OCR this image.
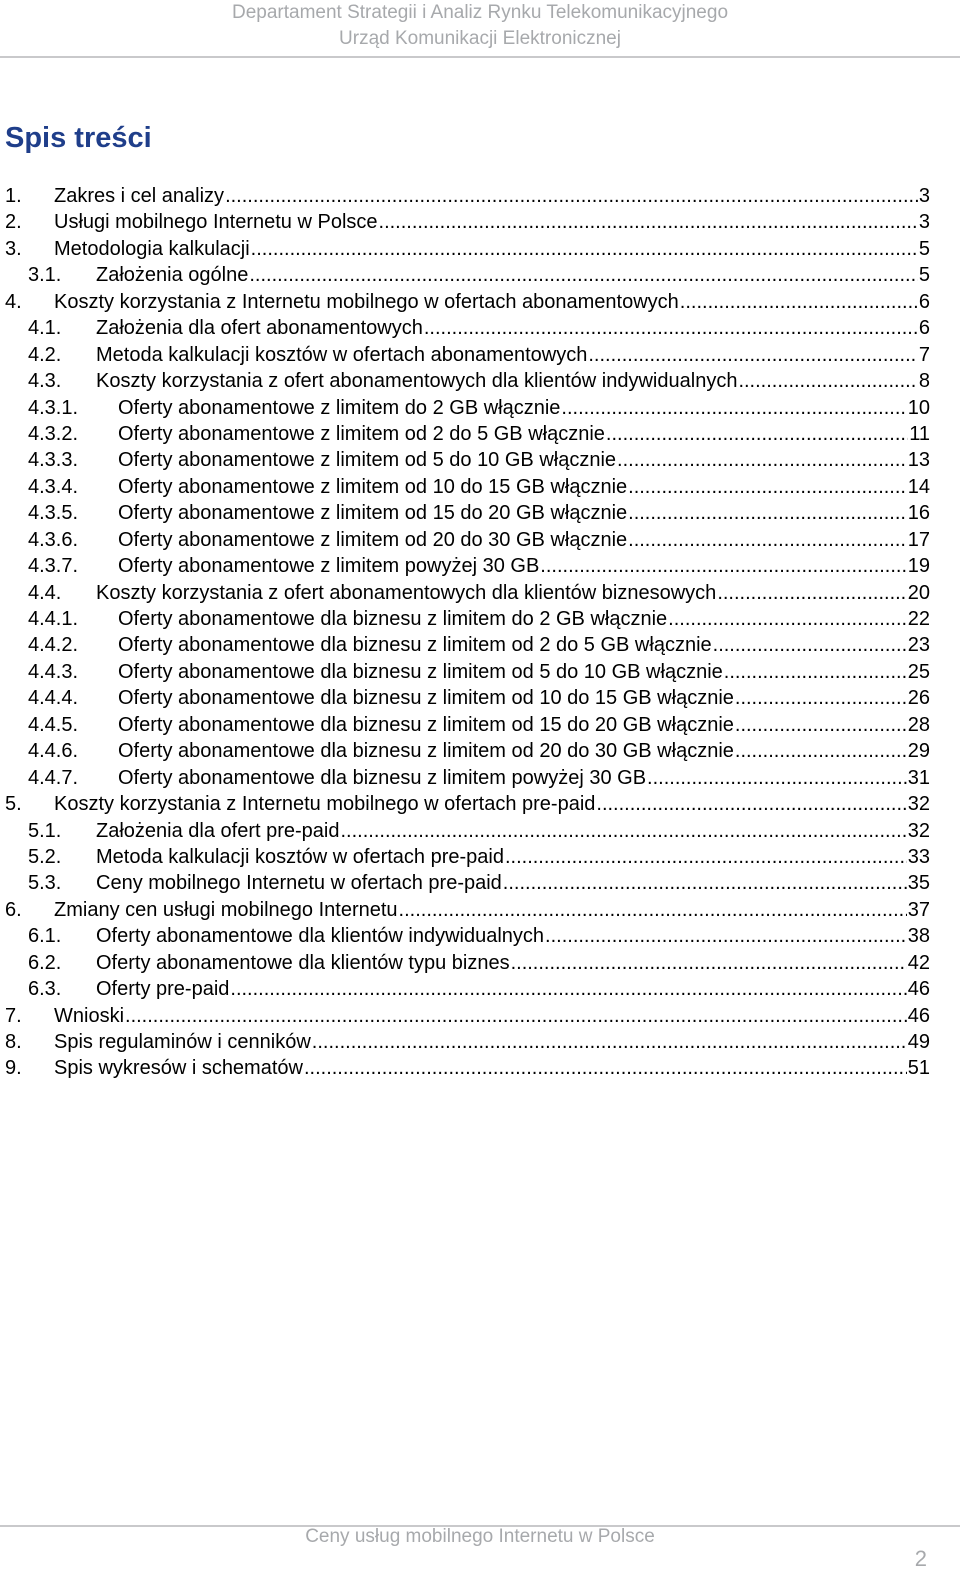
Departament Strategii i Analiz Rynku Telekomunikacyjnego
Urząd Komunikacji Elektronicznej
Spis treści
1. Zakres i cel analizy .....	3
2. Usługi mobilnego Internetu w Polsce .....	3
3. Metodologia kalkulacji .....	5
3.1. Założenia ogólne .....	5
4. Koszty korzystania z Internetu mobilnego w ofertach abonamentowych .....	6
4.1. Założenia dla ofert abonamentowych .....	6
4.2. Metoda kalkulacji kosztów w ofertach abonamentowych .....	7
4.3. Koszty korzystania z ofert abonamentowych dla klientów indywidualnych .....	8
4.3.1. Oferty abonamentowe z limitem do 2 GB włącznie .....	10
4.3.2. Oferty abonamentowe z limitem od 2 do 5 GB włącznie .....	11
4.3.3. Oferty abonamentowe z limitem od 5 do 10 GB włącznie .....	13
4.3.4. Oferty abonamentowe z limitem od 10 do 15 GB włącznie .....	14
4.3.5. Oferty abonamentowe z limitem od 15 do 20 GB włącznie .....	16
4.3.6. Oferty abonamentowe z limitem od 20 do 30 GB włącznie .....	17
4.3.7. Oferty abonamentowe z limitem powyżej 30 GB .....	19
4.4. Koszty korzystania z ofert abonamentowych dla klientów biznesowych .....	20
4.4.1. Oferty abonamentowe dla biznesu z limitem do 2 GB włącznie .....	22
4.4.2. Oferty abonamentowe dla biznesu z limitem od 2 do 5 GB włącznie .....	23
4.4.3. Oferty abonamentowe dla biznesu z limitem od 5 do 10 GB włącznie .....	25
4.4.4. Oferty abonamentowe dla biznesu z limitem od 10 do 15 GB włącznie .....	26
4.4.5. Oferty abonamentowe dla biznesu z limitem od 15 do 20 GB włącznie .....	28
4.4.6. Oferty abonamentowe dla biznesu z limitem od 20 do 30 GB włącznie .....	29
4.4.7. Oferty abonamentowe dla biznesu z limitem powyżej 30 GB .....	31
5. Koszty korzystania z Internetu mobilnego w ofertach pre-paid .....	32
5.1. Założenia dla ofert pre-paid .....	32
5.2. Metoda kalkulacji kosztów w ofertach pre-paid .....	33
5.3. Ceny mobilnego Internetu w ofertach pre-paid .....	35
6. Zmiany cen usługi mobilnego Internetu .....	37
6.1. Oferty abonamentowe dla klientów indywidualnych .....	38
6.2. Oferty abonamentowe dla klientów typu biznes .....	42
6.3. Oferty pre-paid .....	46
7. Wnioski .....	46
8. Spis regulaminów i cenników .....	49
9. Spis wykresów i schematów .....	51
Ceny usług mobilnego Internetu w Polsce
2
